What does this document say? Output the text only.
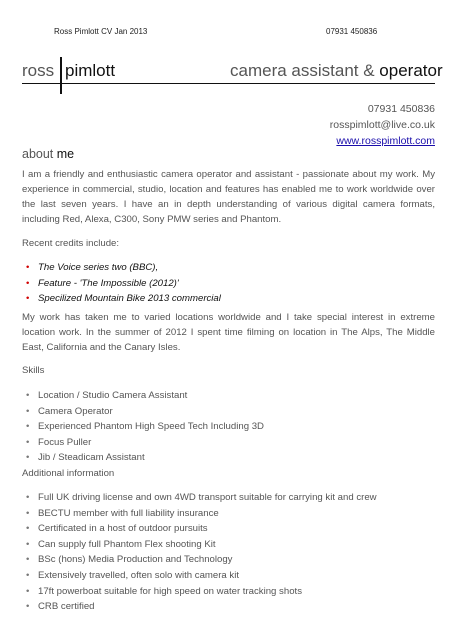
Ross Pimlott CV Jan 2013	07931 450836
ross pimlott	camera assistant & operator
07931 450836
rosspimlott@live.co.uk
www.rosspimlott.com
about me

I am a friendly and enthusiastic camera operator and assistant - passionate about my work. My experience in commercial, studio, location and features has enabled me to work worldwide over the last seven years. I have an in depth understanding of various digital camera formats, including Red, Alexa, C300, Sony PMW series and Phantom.

Recent credits include:
• The Voice series two (BBC),
• Feature - 'The Impossible (2012)'
• Specilized Mountain Bike 2013 commercial

My work has taken me to varied locations worldwide and I take special interest in extreme location work. In the summer of 2012 I spent time filming on location in The Alps, The Middle East, California and the Canary Isles.

Skills
• Location / Studio Camera Assistant
• Camera Operator
• Experienced Phantom High Speed Tech Including 3D
• Focus Puller
• Jib / Steadicam Assistant
Additional information
• Full UK driving license and own 4WD transport suitable for carrying kit and crew
• BECTU member with full liability insurance
• Certificated in a host of outdoor pursuits
• Can supply full Phantom Flex shooting Kit
• BSc (hons) Media Production and Technology
• Extensively travelled, often solo with camera kit
• 17ft powerboat suitable for high speed on water tracking shots
• CRB certified
